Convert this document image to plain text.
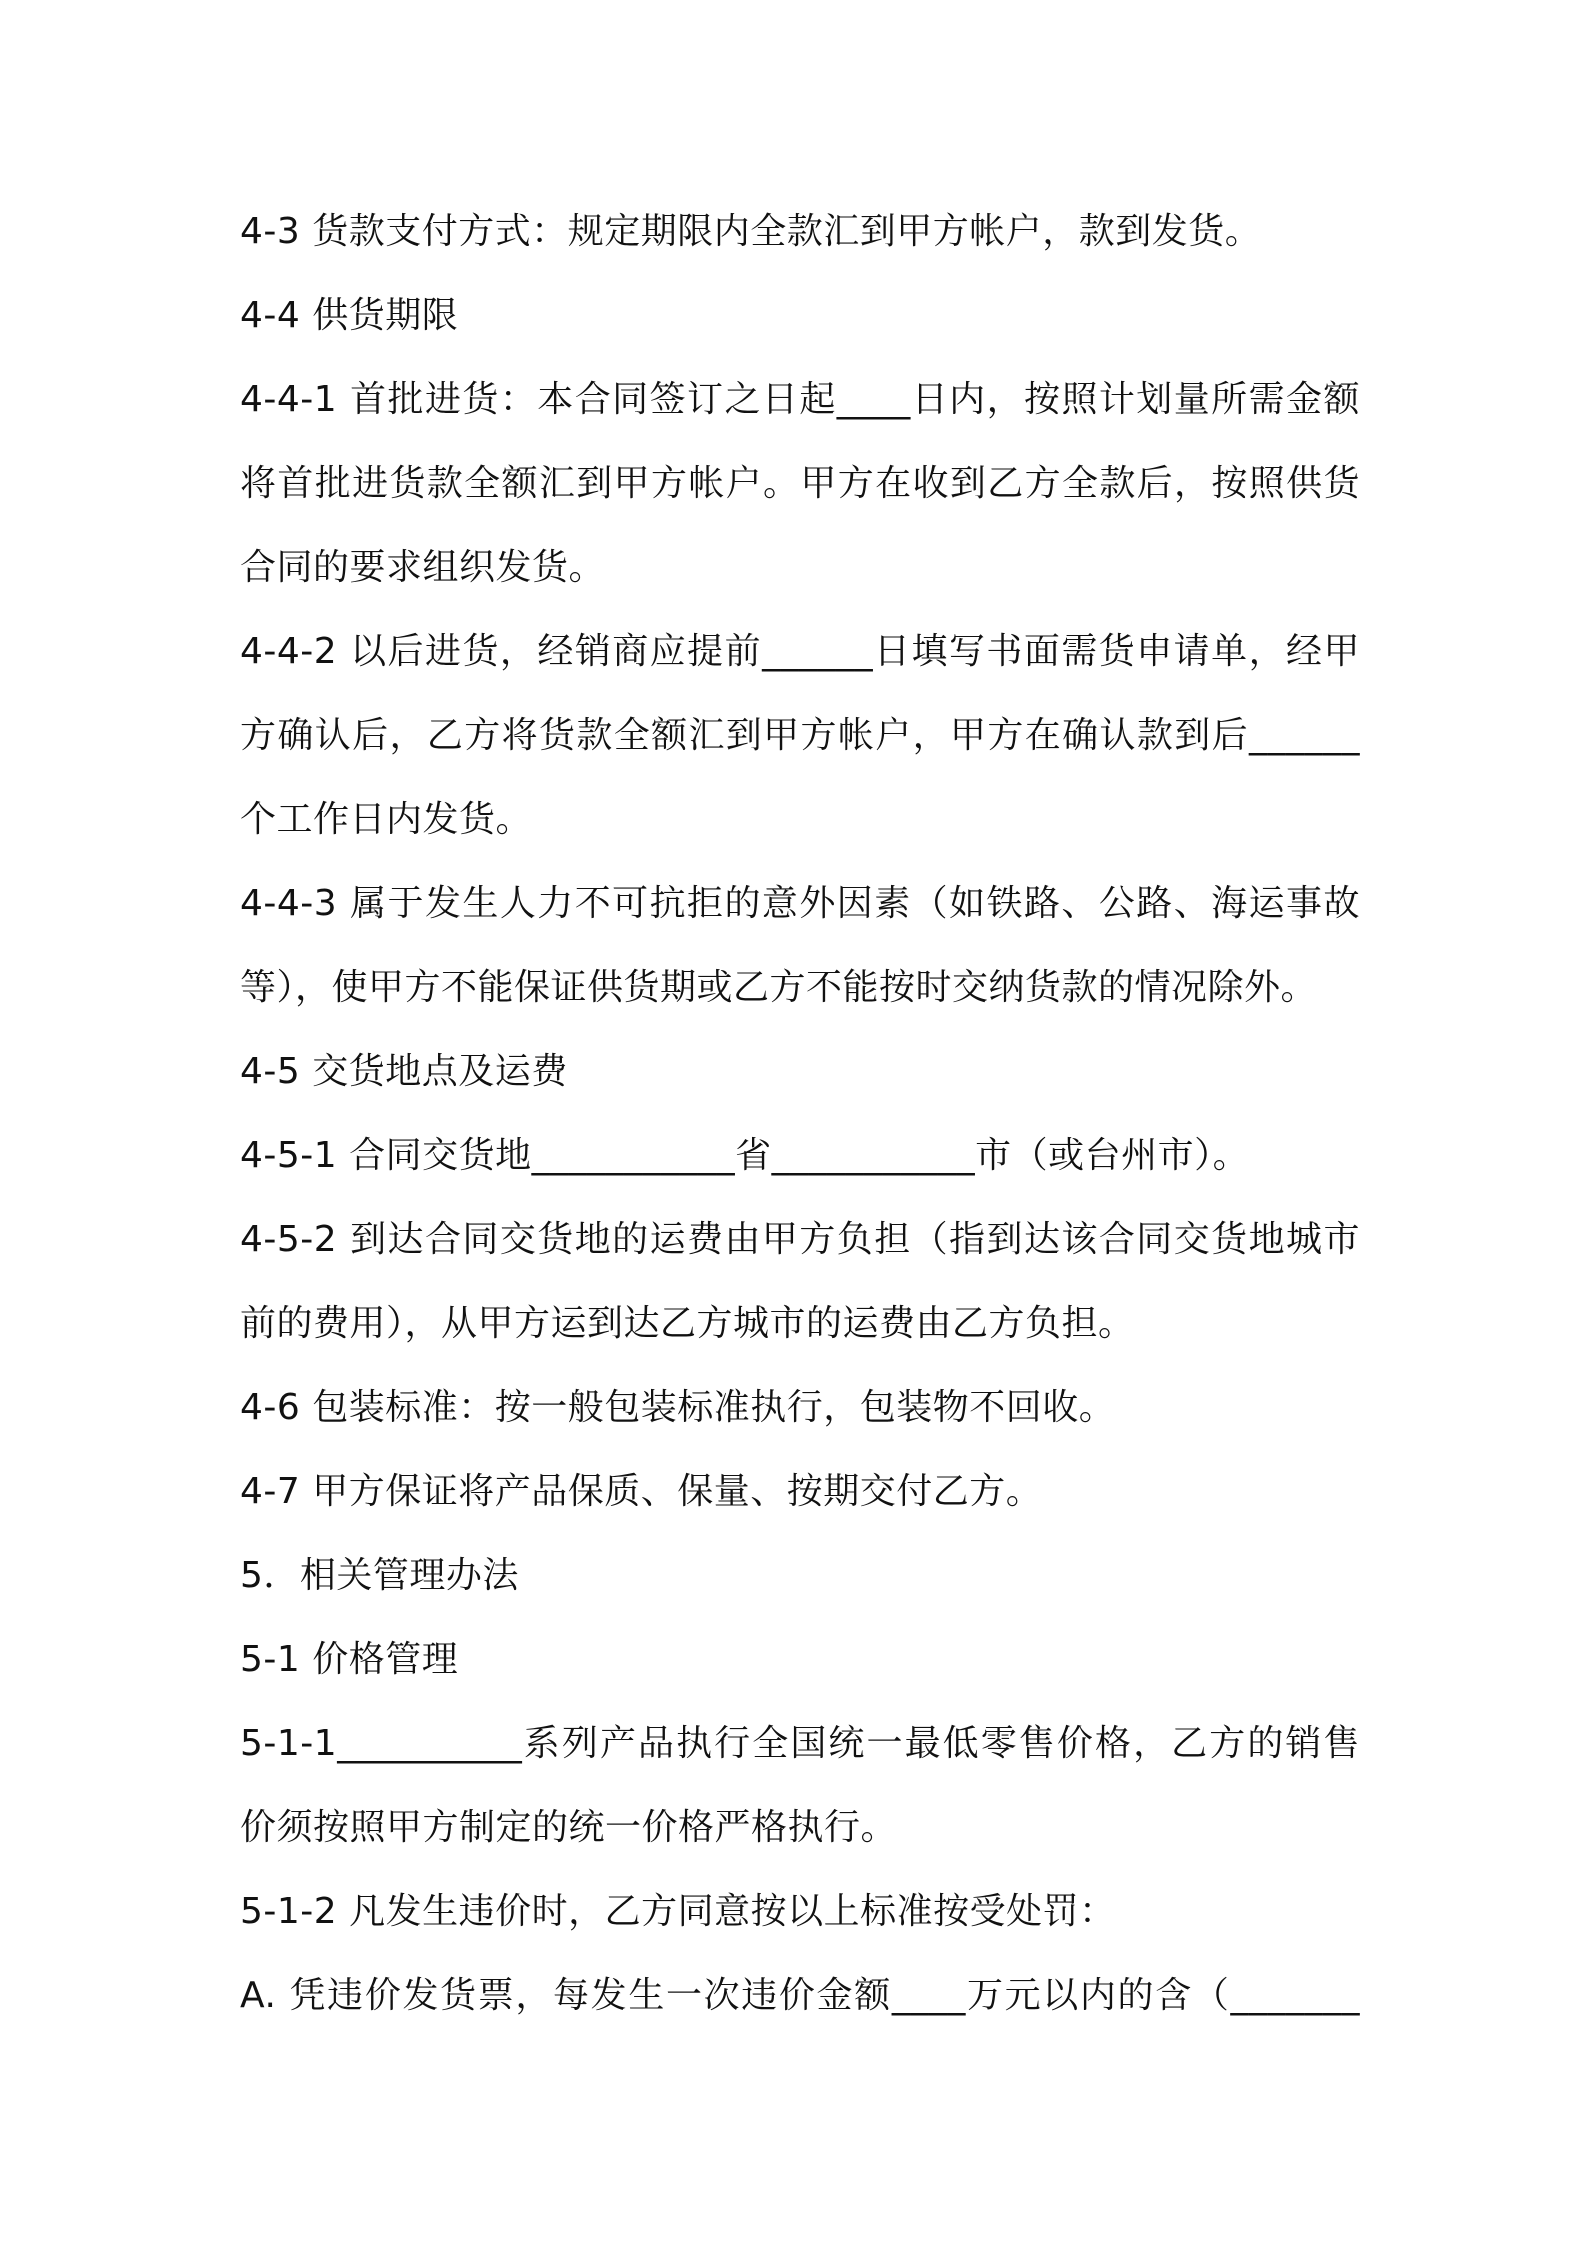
4-3 货款支付方式：规定期限内全款汇到甲方帐户，款到发货。
4-4 供货期限
4-4-1 首批进货：本合同签订之日起____日内，按照计划量所需金额
将首批进货款全额汇到甲方帐户。甲方在收到乙方全款后，按照供货
合同的要求组织发货。
4-4-2 以后进货，经销商应提前______日填写书面需货申请单，经甲
方确认后，乙方将货款全额汇到甲方帐户，甲方在确认款到后______
个工作日内发货。
4-4-3 属于发生人力不可抗拒的意外因素（如铁路、公路、海运事故
等），使甲方不能保证供货期或乙方不能按时交纳货款的情况除外。
4-5 交货地点及运费
4-5-1 合同交货地___________省___________市（或台州市）。
4-5-2 到达合同交货地的运费由甲方负担（指到达该合同交货地城市
前的费用），从甲方运到达乙方城市的运费由乙方负担。
4-6 包装标准：按一般包装标准执行，包装物不回收。
4-7 甲方保证将产品保质、保量、按期交付乙方。
5．相关管理办法
5-1 价格管理
5-1-1__________系列产品执行全国统一最低零售价格，乙方的销售
价须按照甲方制定的统一价格严格执行。
5-1-2 凡发生违价时，乙方同意按以上标准按受处罚：
A. 凭违价发货票，每发生一次违价金额____万元以内的含（_______
